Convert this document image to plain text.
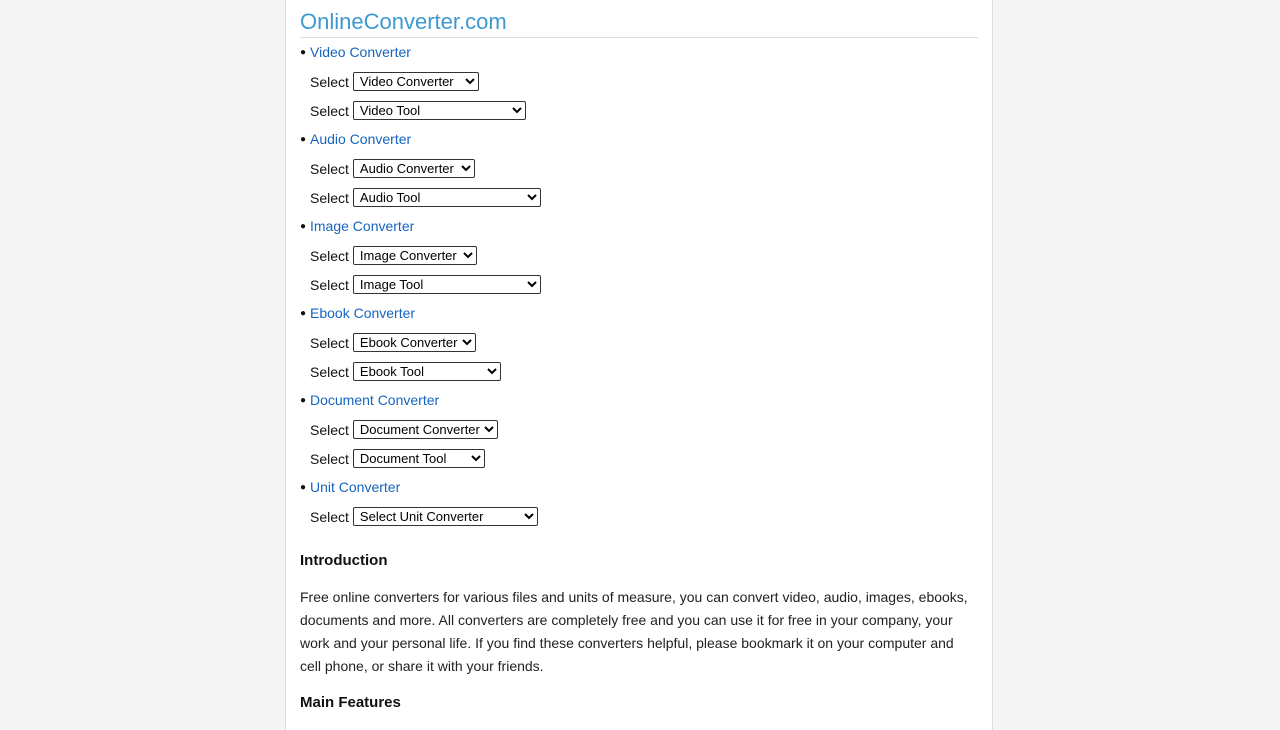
OnlineConverter.com
● Video Converter
Select
Video Converter
Select
Video Tool
● Audio Converter
Select
Audio Converter
Select
Audio Tool
● Image Converter
Select
Image Converter
Select
Image Tool
● Ebook Converter
Select
Ebook Converter
Select
Ebook Tool
● Document Converter
Select
Document Converter
Select
Document Tool
● Unit Converter
Select
Select Unit Converter
Introduction

Free online converters for various files and units of measure, you can convert video, audio, images, ebooks, documents and more. All converters are completely free and you can use it for free in your company, your work and your personal life. If you find these converters helpful, please bookmark it on your computer and cell phone, or share it with your friends.

Main Features
